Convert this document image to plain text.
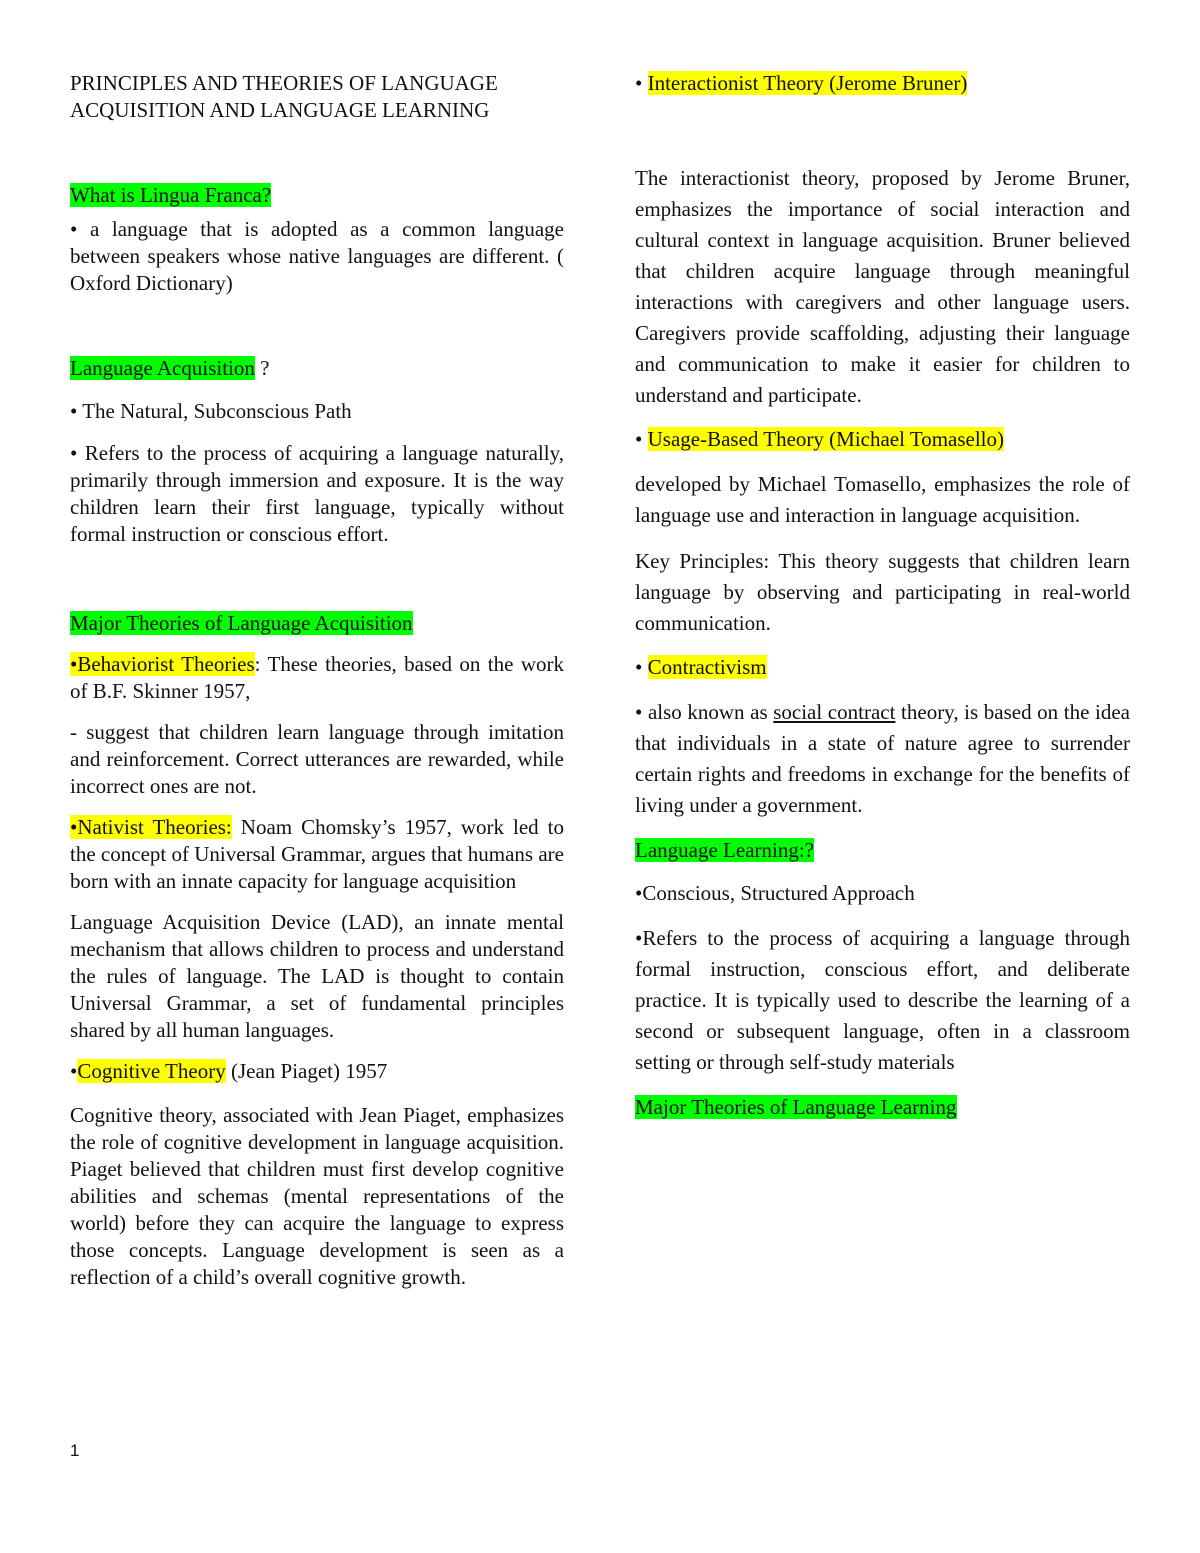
PRINCIPLES AND THEORIES OF LANGUAGE ACQUISITION AND LANGUAGE LEARNING

What is Lingua Franca?

• a language that is adopted as a common language between speakers whose native languages are different. ( Oxford Dictionary)

Language Acquisition ?

• The Natural, Subconscious Path

• Refers to the process of acquiring a language naturally, primarily through immersion and exposure. It is the way children learn their first language, typically without formal instruction or conscious effort.

Major Theories of Language Acquisition

•Behaviorist Theories: These theories, based on the work of B.F. Skinner 1957,

- suggest that children learn language through imitation and reinforcement. Correct utterances are rewarded, while incorrect ones are not.

•Nativist Theories: Noam Chomsky’s 1957, work led to the concept of Universal Grammar, argues that humans are born with an innate capacity for language acquisition

Language Acquisition Device (LAD), an innate mental mechanism that allows children to process and understand the rules of language. The LAD is thought to contain Universal Grammar, a set of fundamental principles shared by all human languages.

•Cognitive Theory (Jean Piaget) 1957

Cognitive theory, associated with Jean Piaget, emphasizes the role of cognitive development in language acquisition. Piaget believed that children must first develop cognitive abilities and schemas (mental representations of the world) before they can acquire the language to express those concepts. Language development is seen as a reflection of a child’s overall cognitive growth.

• Interactionist Theory (Jerome Bruner)

The interactionist theory, proposed by Jerome Bruner, emphasizes the importance of social interaction and cultural context in language acquisition. Bruner believed that children acquire language through meaningful interactions with caregivers and other language users. Caregivers provide scaffolding, adjusting their language and communication to make it easier for children to understand and participate.

• Usage-Based Theory (Michael Tomasello)

developed by Michael Tomasello, emphasizes the role of language use and interaction in language acquisition.

Key Principles: This theory suggests that children learn language by observing and participating in real-world communication.

• Contractivism

• also known as social contract theory, is based on the idea that individuals in a state of nature agree to surrender certain rights and freedoms in exchange for the benefits of living under a government.

Language Learning:?

•Conscious, Structured Approach

•Refers to the process of acquiring a language through formal instruction, conscious effort, and deliberate practice. It is typically used to describe the learning of a second or subsequent language, often in a classroom setting or through self-study materials

Major Theories of Language Learning

1
